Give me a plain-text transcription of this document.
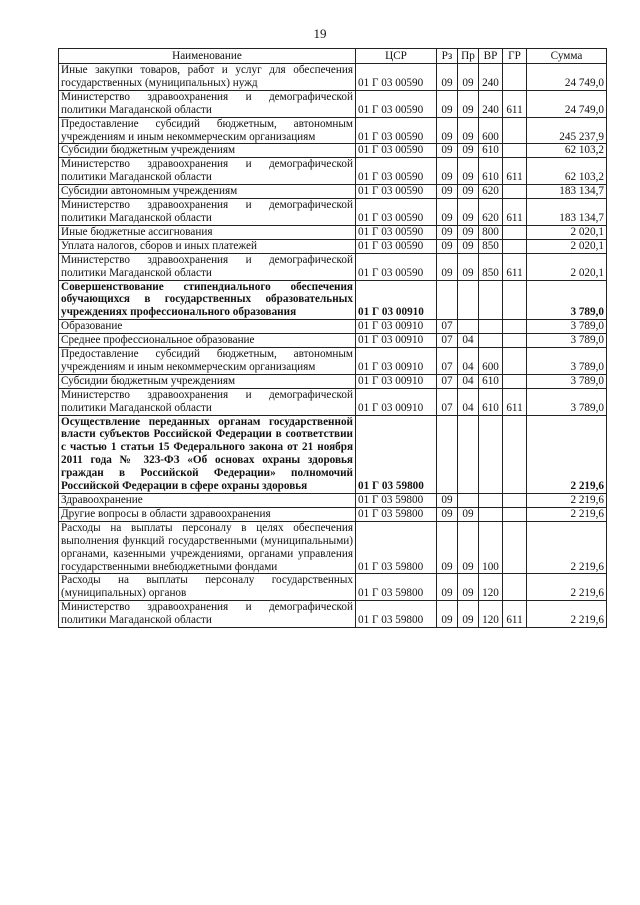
19
Наименование	ЦСР	Рз	Пр	ВР	ГР	Сумма
Иные закупки товаров, работ и услуг для обеспечения государственных (муниципальных) нужд	01 Г 03 00590	09	09	240		24 749,0
Министерство здравоохранения и демографической политики Магаданской области	01 Г 03 00590	09	09	240	611	24 749,0
Предоставление субсидий бюджетным, автономным учреждениям и иным некоммерческим организациям	01 Г 03 00590	09	09	600		245 237,9
Субсидии бюджетным учреждениям	01 Г 03 00590	09	09	610		62 103,2
Министерство здравоохранения и демографической политики Магаданской области	01 Г 03 00590	09	09	610	611	62 103,2
Субсидии автономным учреждениям	01 Г 03 00590	09	09	620		183 134,7
Министерство здравоохранения и демографической политики Магаданской области	01 Г 03 00590	09	09	620	611	183 134,7
Иные бюджетные ассигнования	01 Г 03 00590	09	09	800		2 020,1
Уплата налогов, сборов и иных платежей	01 Г 03 00590	09	09	850		2 020,1
Министерство здравоохранения и демографической политики Магаданской области	01 Г 03 00590	09	09	850	611	2 020,1
Совершенствование стипендиального обеспечения обучающихся в государственных образовательных учреждениях профессионального образования	01 Г 03 00910					3 789,0
Образование	01 Г 03 00910	07				3 789,0
Среднее профессиональное образование	01 Г 03 00910	07	04			3 789,0
Предоставление субсидий бюджетным, автономным учреждениям и иным некоммерческим организациям	01 Г 03 00910	07	04	600		3 789,0
Субсидии бюджетным учреждениям	01 Г 03 00910	07	04	610		3 789,0
Министерство здравоохранения и демографической политики Магаданской области	01 Г 03 00910	07	04	610	611	3 789,0
Осуществление переданных органам государственной власти субъектов Российской Федерации в соответствии с частью 1 статьи 15 Федерального закона от 21 ноября 2011 года № 323-ФЗ «Об основах охраны здоровья граждан в Российской Федерации» полномочий Российской Федерации в сфере охраны здоровья	01 Г 03 59800					2 219,6
Здравоохранение	01 Г 03 59800	09				2 219,6
Другие вопросы в области здравоохранения	01 Г 03 59800	09	09			2 219,6
Расходы на выплаты персоналу в целях обеспечения выполнения функций государственными (муниципальными) органами, казенными учреждениями, органами управления государственными внебюджетными фондами	01 Г 03 59800	09	09	100		2 219,6
Расходы на выплаты персоналу государственных (муниципальных) органов	01 Г 03 59800	09	09	120		2 219,6
Министерство здравоохранения и демографической политики Магаданской области	01 Г 03 59800	09	09	120	611	2 219,6
